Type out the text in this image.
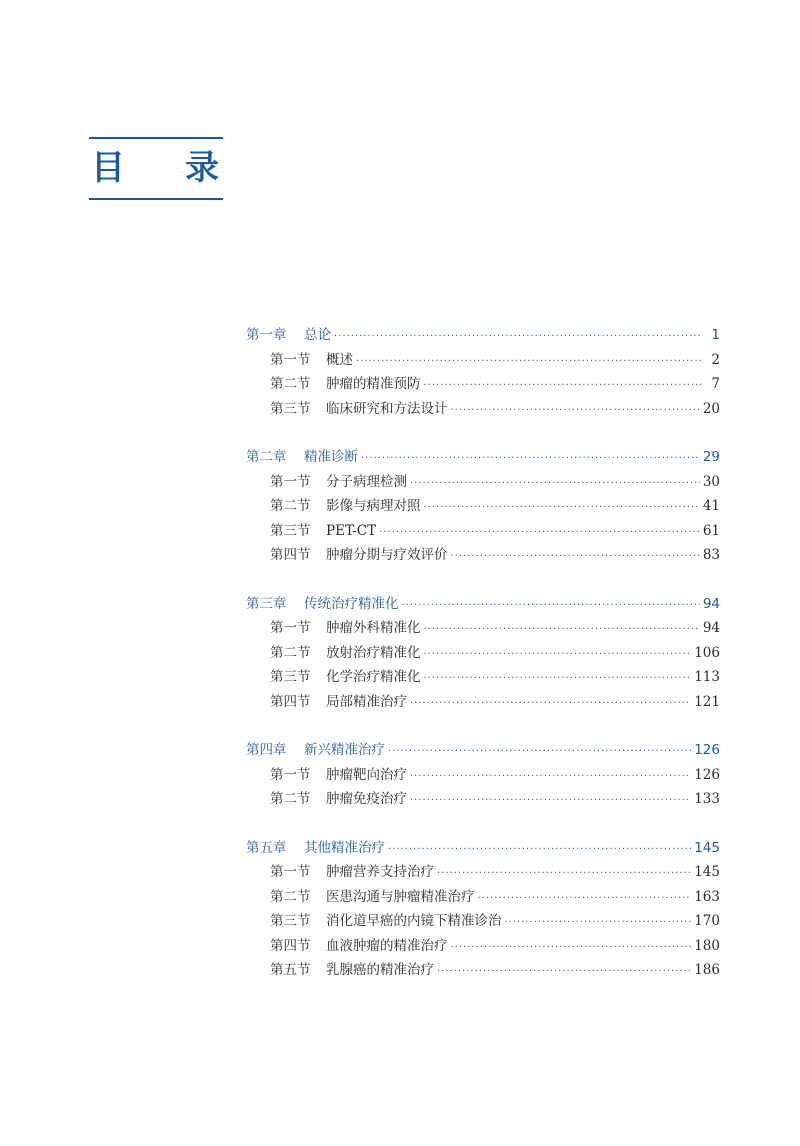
目 录
第一章	总论 ·····	1
第一节	概述 ·····	2
第二节	肿瘤的精准预防 ·····	7
第三节	临床研究和方法设计 ·····	20
第二章	精准诊断 ·····	29
第一节	分子病理检测 ·····	30
第二节	影像与病理对照 ·····	41
第三节	PET-CT ·····	61
第四节	肿瘤分期与疗效评价 ·····	83
第三章	传统治疗精准化 ·····	94
第一节	肿瘤外科精准化 ·····	94
第二节	放射治疗精准化 ·····	106
第三节	化学治疗精准化 ·····	113
第四节	局部精准治疗 ·····	121
第四章	新兴精准治疗 ·····	126
第一节	肿瘤靶向治疗 ·····	126
第二节	肿瘤免疫治疗 ·····	133
第五章	其他精准治疗 ·····	145
第一节	肿瘤营养支持治疗 ·····	145
第二节	医患沟通与肿瘤精准治疗 ·····	163
第三节	消化道早癌的内镜下精准诊治 ·····	170
第四节	血液肿瘤的精准治疗 ·····	180
第五节	乳腺癌的精准治疗 ·····	186
